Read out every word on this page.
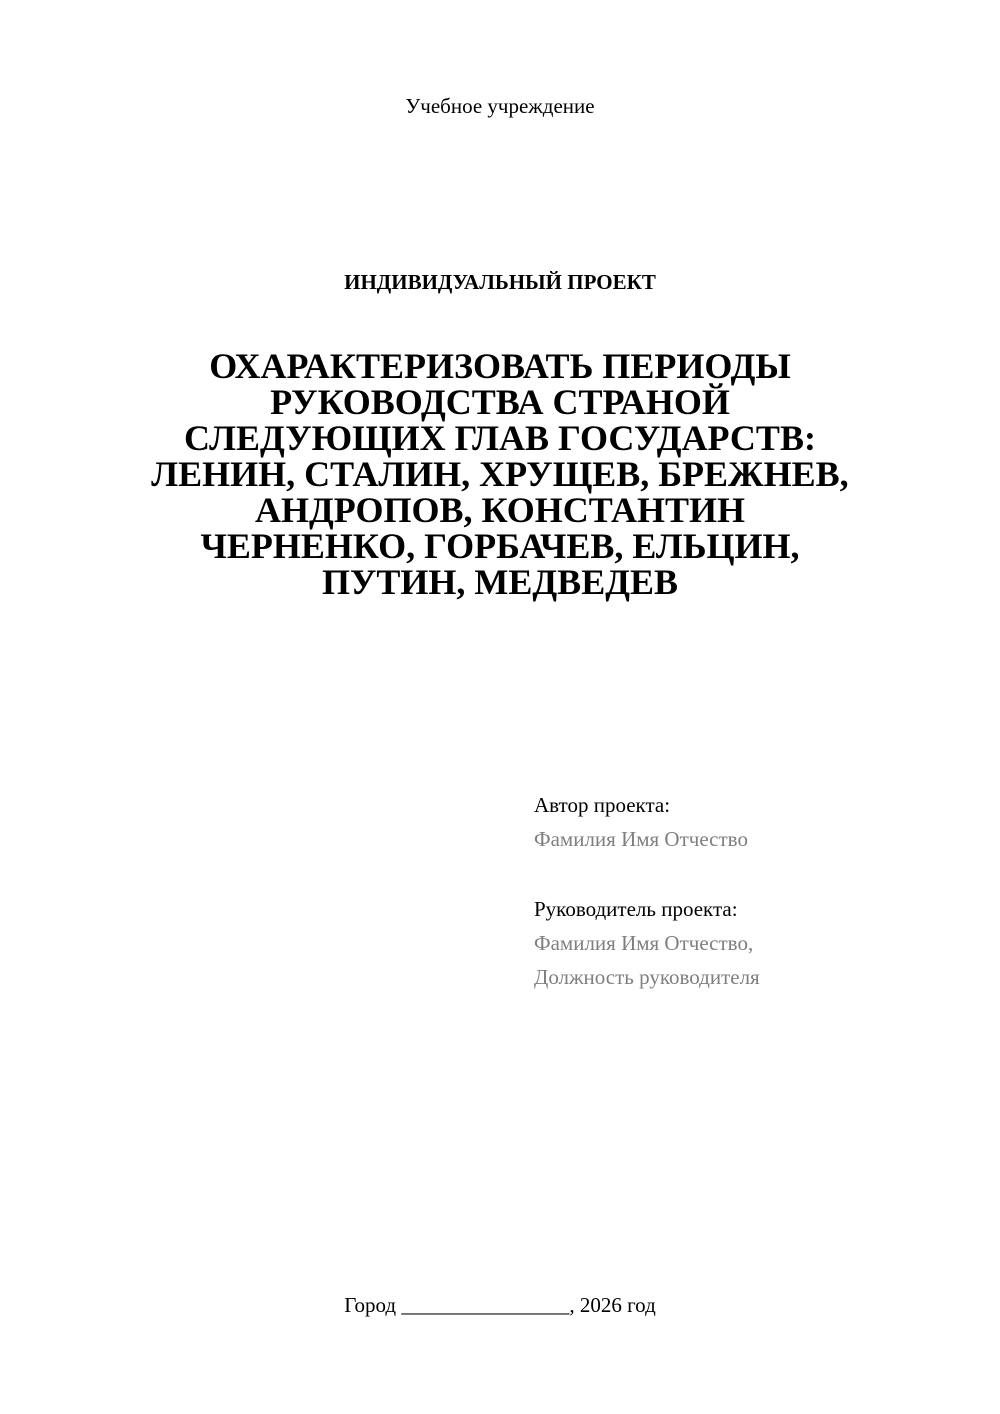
Учебное учреждение
ИНДИВИДУАЛЬНЫЙ ПРОЕКТ
ОХАРАКТЕРИЗОВАТЬ ПЕРИОДЫ
РУКОВОДСТВА СТРАНОЙ
СЛЕДУЮЩИХ ГЛАВ ГОСУДАРСТВ:
ЛЕНИН, СТАЛИН, ХРУЩЕВ, БРЕЖНЕВ,
АНДРОПОВ, КОНСТАНТИН
ЧЕРНЕНКО, ГОРБАЧЕВ, ЕЛЬЦИН,
ПУТИН, МЕДВЕДЕВ
Автор проекта:
Фамилия Имя Отчество
Руководитель проекта:
Фамилия Имя Отчество,
Должность руководителя
Город ________________, 2026 год
